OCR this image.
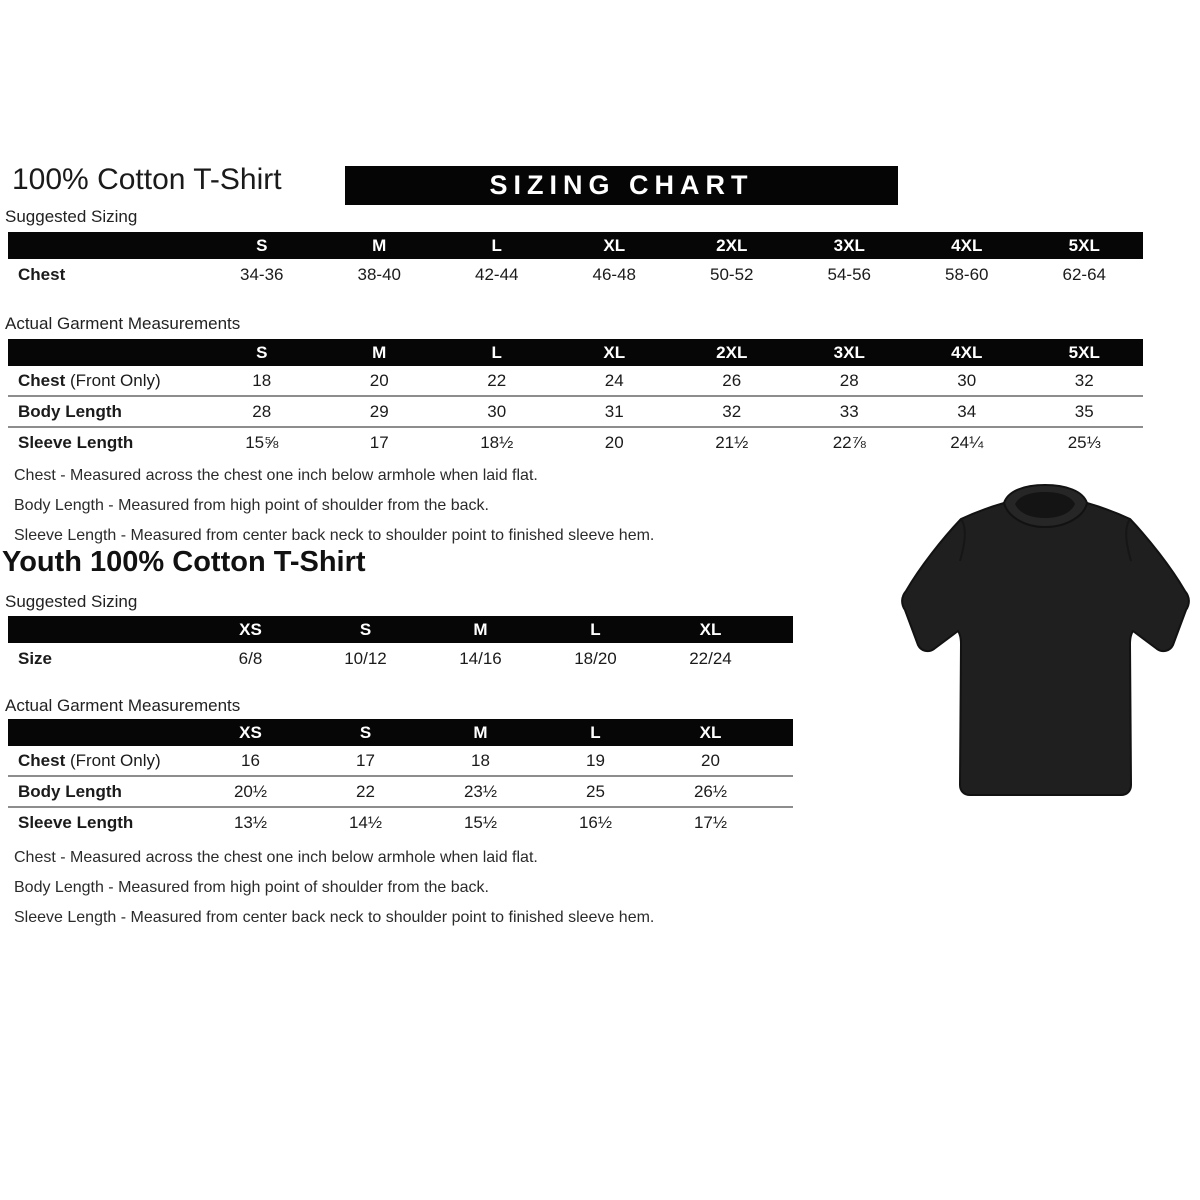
100% Cotton T-Shirt	SIZING CHART
Suggested Sizing
	S	M	L	XL	2XL	3XL	4XL	5XL
Chest	34-36	38-40	42-44	46-48	50-52	54-56	58-60	62-64
Actual Garment Measurements
	S	M	L	XL	2XL	3XL	4XL	5XL
Chest (Front Only)	18	20	22	24	26	28	30	32
Body Length	28	29	30	31	32	33	34	35
Sleeve Length	15⅝	17	18½	20	21½	22⅞	24¼	25⅓
Chest - Measured across the chest one inch below armhole when laid flat.
Body Length - Measured from high point of shoulder from the back.
Sleeve Length - Measured from center back neck to shoulder point to finished sleeve hem.
Youth 100% Cotton T-Shirt
Suggested Sizing
	XS	S	M	L	XL	
Size	6/8	10/12	14/16	18/20	22/24	
Actual Garment Measurements
	XS	S	M	L	XL	
Chest (Front Only)	16	17	18	19	20	
Body Length	20½	22	23½	25	26½	
Sleeve Length	13½	14½	15½	16½	17½	
Chest - Measured across the chest one inch below armhole when laid flat.
Body Length - Measured from high point of shoulder from the back.
Sleeve Length - Measured from center back neck to shoulder point to finished sleeve hem.
